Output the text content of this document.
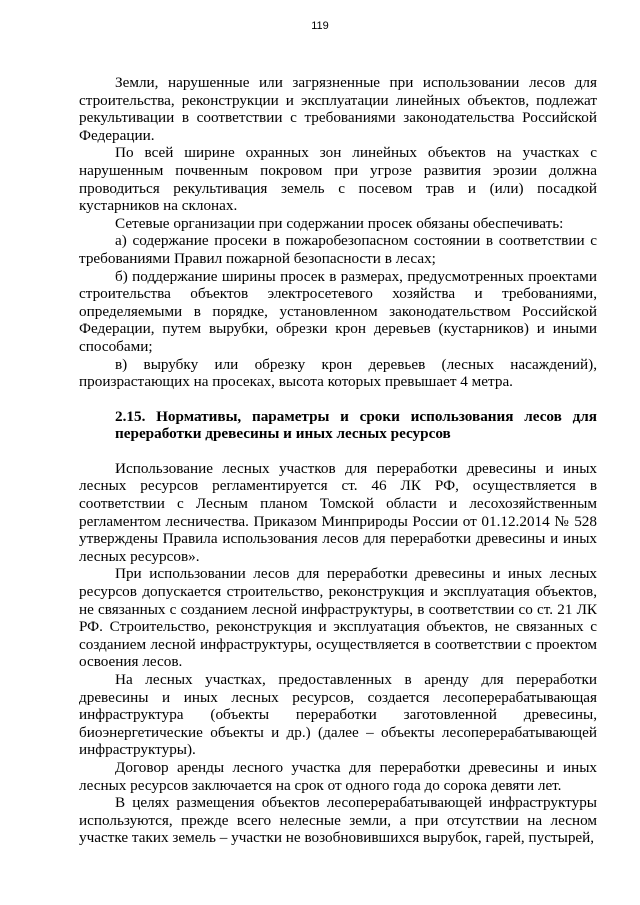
119

Земли, нарушенные или загрязненные при использовании лесов для строительства, реконструкции и эксплуатации линейных объектов, подлежат рекультивации в соответствии с требованиями законодательства Российской Федерации.

По всей ширине охранных зон линейных объектов на участках с нарушенным почвенным покровом при угрозе развития эрозии должна проводиться рекультивация земель с посевом трав и (или) посадкой кустарников на склонах.

Сетевые организации при содержании просек обязаны обеспечивать:

а) содержание просеки в пожаробезопасном состоянии в соответствии с требованиями Правил пожарной безопасности в лесах;

б) поддержание ширины просек в размерах, предусмотренных проектами строительства объектов электросетевого хозяйства и требованиями, определяемыми в порядке, установленном законодательством Российской Федерации, путем вырубки, обрезки крон деревьев (кустарников) и иными способами;

в) вырубку или обрезку крон деревьев (лесных насаждений), произрастающих на просеках, высота которых превышает 4 метра.

2.15. Нормативы, параметры и сроки использования лесов для переработки древесины и иных лесных ресурсов

Использование лесных участков для переработки древесины и иных лесных ресурсов регламентируется ст. 46 ЛК РФ, осуществляется в соответствии с Лесным планом Томской области и лесохозяйственным регламентом лесничества. Приказом Минприроды России от 01.12.2014 № 528 утверждены Правила использования лесов для переработки древесины и иных лесных ресурсов».

При использовании лесов для переработки древесины и иных лесных ресурсов допускается строительство, реконструкция и эксплуатация объектов, не связанных с созданием лесной инфраструктуры, в соответствии со ст. 21 ЛК РФ. Строительство, реконструкция и эксплуатация объектов, не связанных с созданием лесной инфраструктуры, осуществляется в соответствии с проектом освоения лесов.

На лесных участках, предоставленных в аренду для переработки древесины и иных лесных ресурсов, создается лесоперерабатывающая инфраструктура (объекты переработки заготовленной древесины, биоэнергетические объекты и др.) (далее – объекты лесоперерабатывающей инфраструктуры).

Договор аренды лесного участка для переработки древесины и иных лесных ресурсов заключается на срок от одного года до сорока девяти лет.

В целях размещения объектов лесоперерабатывающей инфраструктуры используются, прежде всего нелесные земли, а при отсутствии на лесном участке таких земель – участки не возобновившихся вырубок, гарей, пустырей,
